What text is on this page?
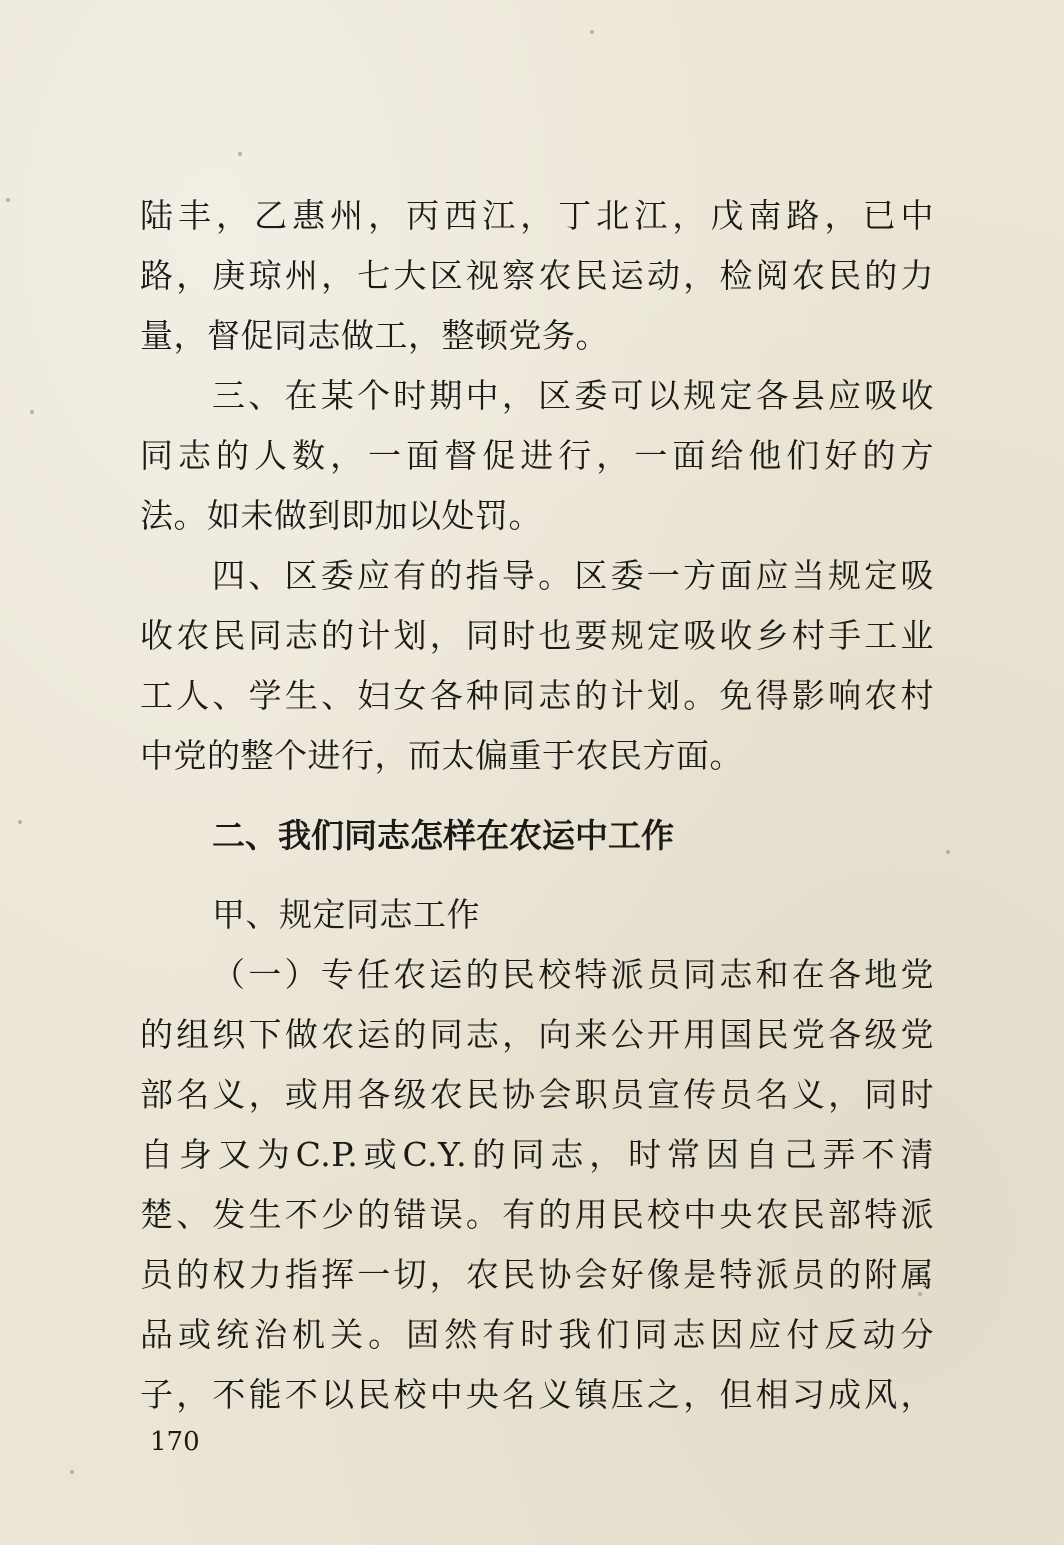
陆丰，乙惠州，丙西江，丁北江，戊南路，已中
路，庚琼州，七大区视察农民运动，检阅农民的力
量，督促同志做工，整顿党务。
三、在某个时期中，区委可以规定各县应吸收
同志的人数，一面督促进行，一面给他们好的方
法。如未做到即加以处罚。
四、区委应有的指导。区委一方面应当规定吸
收农民同志的计划，同时也要规定吸收乡村手工业
工人、学生、妇女各种同志的计划。免得影响农村
中党的整个进行，而太偏重于农民方面。
二、我们同志怎样在农运中工作
甲、规定同志工作
（一）专任农运的民校特派员同志和在各地党
的组织下做农运的同志，向来公开用国民党各级党
部名义，或用各级农民协会职员宣传员名义，同时
自身又为C.P.或C.Y.的同志，时常因自己弄不清
楚、发生不少的错误。有的用民校中央农民部特派
员的权力指挥一切，农民协会好像是特派员的附属
品或统治机关。固然有时我们同志因应付反动分
子，不能不以民校中央名义镇压之，但相习成风，
170
